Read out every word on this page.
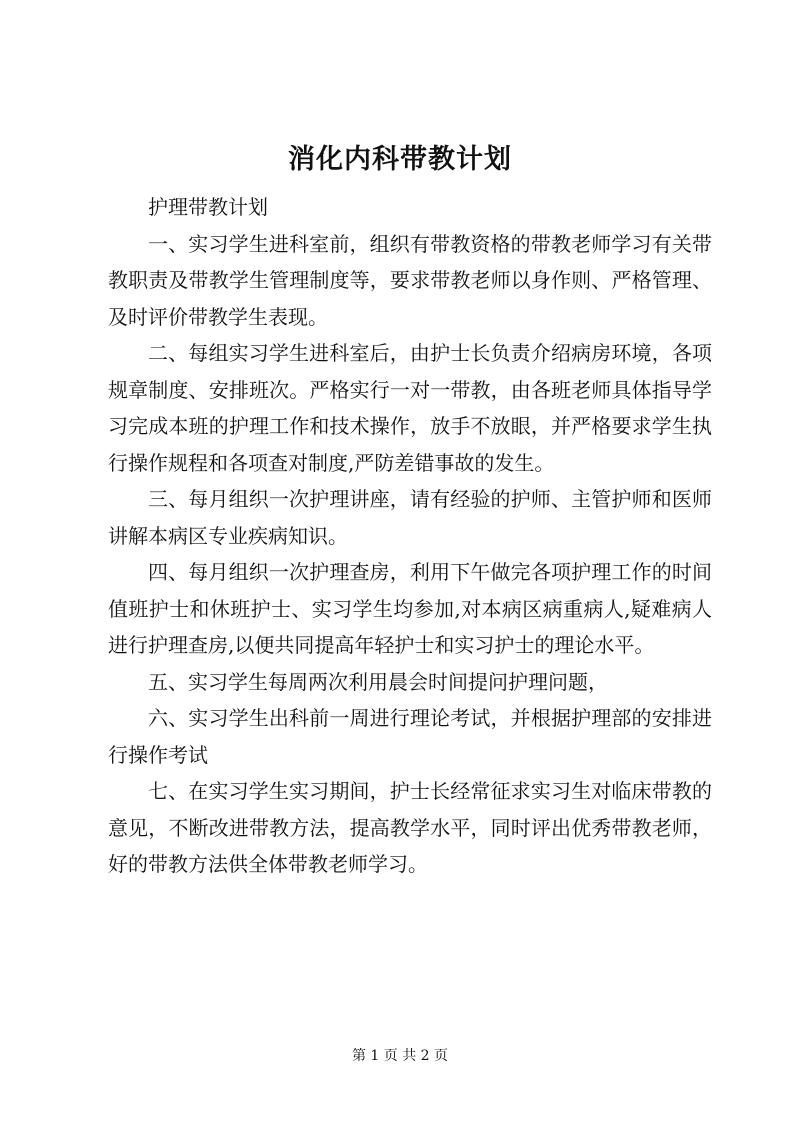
消化内科带教计划

护理带教计划

一、实习学生进科室前，组织有带教资格的带教老师学习有关带教职责及带教学生管理制度等，要求带教老师以身作则、严格管理、及时评价带教学生表现。

二、每组实习学生进科室后，由护士长负责介绍病房环境，各项规章制度、安排班次。严格实行一对一带教，由各班老师具体指导学习完成本班的护理工作和技术操作，放手不放眼，并严格要求学生执行操作规程和各项查对制度,严防差错事故的发生。

三、每月组织一次护理讲座，请有经验的护师、主管护师和医师讲解本病区专业疾病知识。

四、每月组织一次护理查房，利用下午做完各项护理工作的时间值班护士和休班护士、实习学生均参加,对本病区病重病人,疑难病人进行护理查房,以便共同提高年轻护士和实习护士的理论水平。

五、实习学生每周两次利用晨会时间提问护理问题，

六、实习学生出科前一周进行理论考试，并根据护理部的安排进行操作考试

七、在实习学生实习期间，护士长经常征求实习生对临床带教的意见，不断改进带教方法，提高教学水平，同时评出优秀带教老师，好的带教方法供全体带教老师学习。

第 1 页 共 2 页
